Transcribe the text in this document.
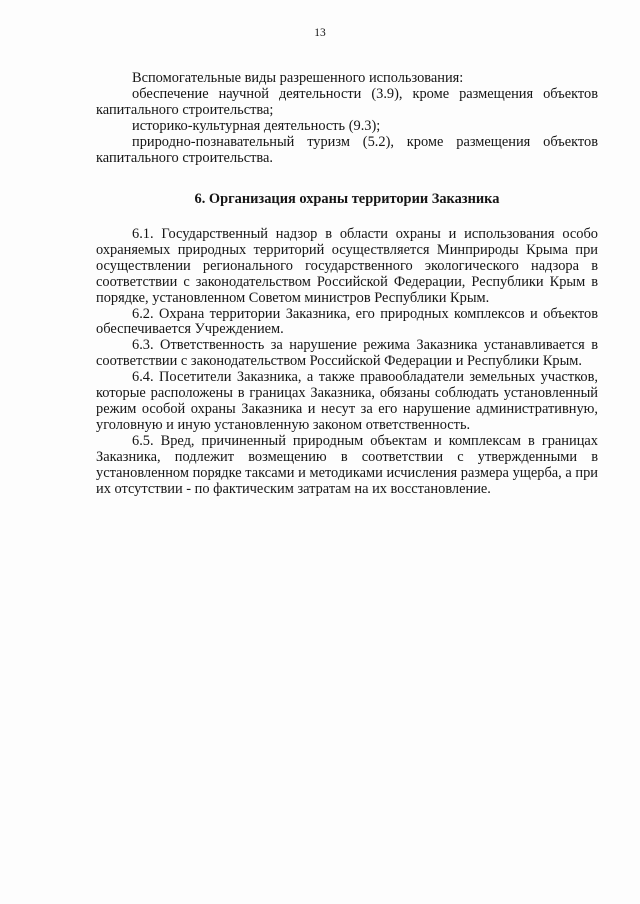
13

Вспомогательные виды разрешенного использования:

обеспечение научной деятельности (3.9), кроме размещения объектов капитального строительства;

историко-культурная деятельность (9.3);

природно-познавательный туризм (5.2), кроме размещения объектов капитального строительства.

6. Организация охраны территории Заказника

6.1. Государственный надзор в области охраны и использования особо охраняемых природных территорий осуществляется Минприроды Крыма при осуществлении регионального государственного экологического надзора в соответствии с законодательством Российской Федерации, Республики Крым в порядке, установленном Советом министров Республики Крым.

6.2. Охрана территории Заказника, его природных комплексов и объектов обеспечивается Учреждением.

6.3. Ответственность за нарушение режима Заказника устанавливается в соответствии с законодательством Российской Федерации и Республики Крым.

6.4. Посетители Заказника, а также правообладатели земельных участков, которые расположены в границах Заказника, обязаны соблюдать установленный режим особой охраны Заказника и несут за его нарушение административную, уголовную и иную установленную законом ответственность.

6.5. Вред, причиненный природным объектам и комплексам в границах Заказника, подлежит возмещению в соответствии с утвержденными в установленном порядке таксами и методиками исчисления размера ущерба, а при их отсутствии - по фактическим затратам на их восстановление.
